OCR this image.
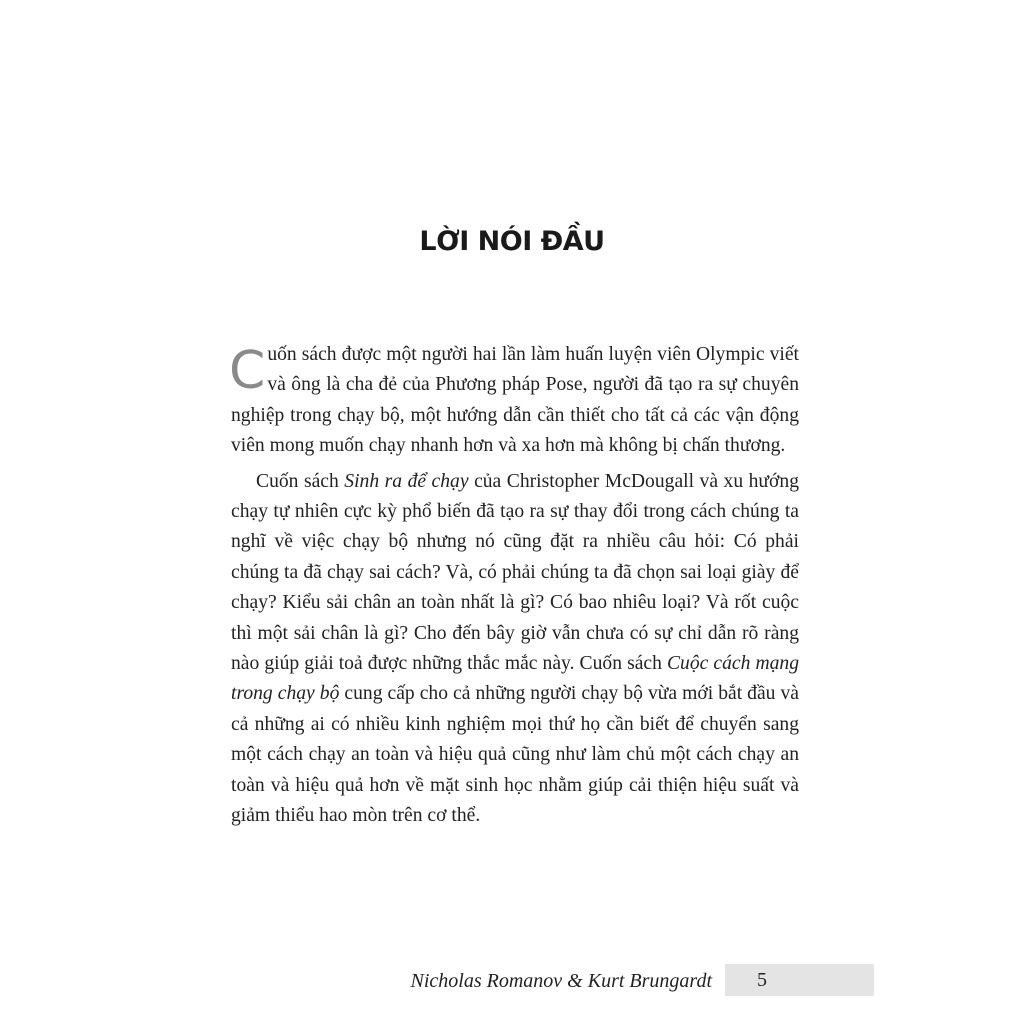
LỜI NÓI ĐẦU

Cuốn sách được một người hai lần làm huấn luyện viên Olympic viết và ông là cha đẻ của Phương pháp Pose, người đã tạo ra sự chuyên nghiệp trong chạy bộ, một hướng dẫn cần thiết cho tất cả các vận động viên mong muốn chạy nhanh hơn và xa hơn mà không bị chấn thương.

Cuốn sách Sinh ra để chạy của Christopher McDougall và xu hướng chạy tự nhiên cực kỳ phổ biến đã tạo ra sự thay đổi trong cách chúng ta nghĩ về việc chạy bộ nhưng nó cũng đặt ra nhiều câu hỏi: Có phải chúng ta đã chạy sai cách? Và, có phải chúng ta đã chọn sai loại giày để chạy? Kiểu sải chân an toàn nhất là gì? Có bao nhiêu loại? Và rốt cuộc thì một sải chân là gì? Cho đến bây giờ vẫn chưa có sự chỉ dẫn rõ ràng nào giúp giải toả được những thắc mắc này. Cuốn sách Cuộc cách mạng trong chạy bộ cung cấp cho cả những người chạy bộ vừa mới bắt đầu và cả những ai có nhiều kinh nghiệm mọi thứ họ cần biết để chuyển sang một cách chạy an toàn và hiệu quả cũng như làm chủ một cách chạy an toàn và hiệu quả hơn về mặt sinh học nhằm giúp cải thiện hiệu suất và giảm thiểu hao mòn trên cơ thể.

Nicholas Romanov & Kurt Brungardt 5
